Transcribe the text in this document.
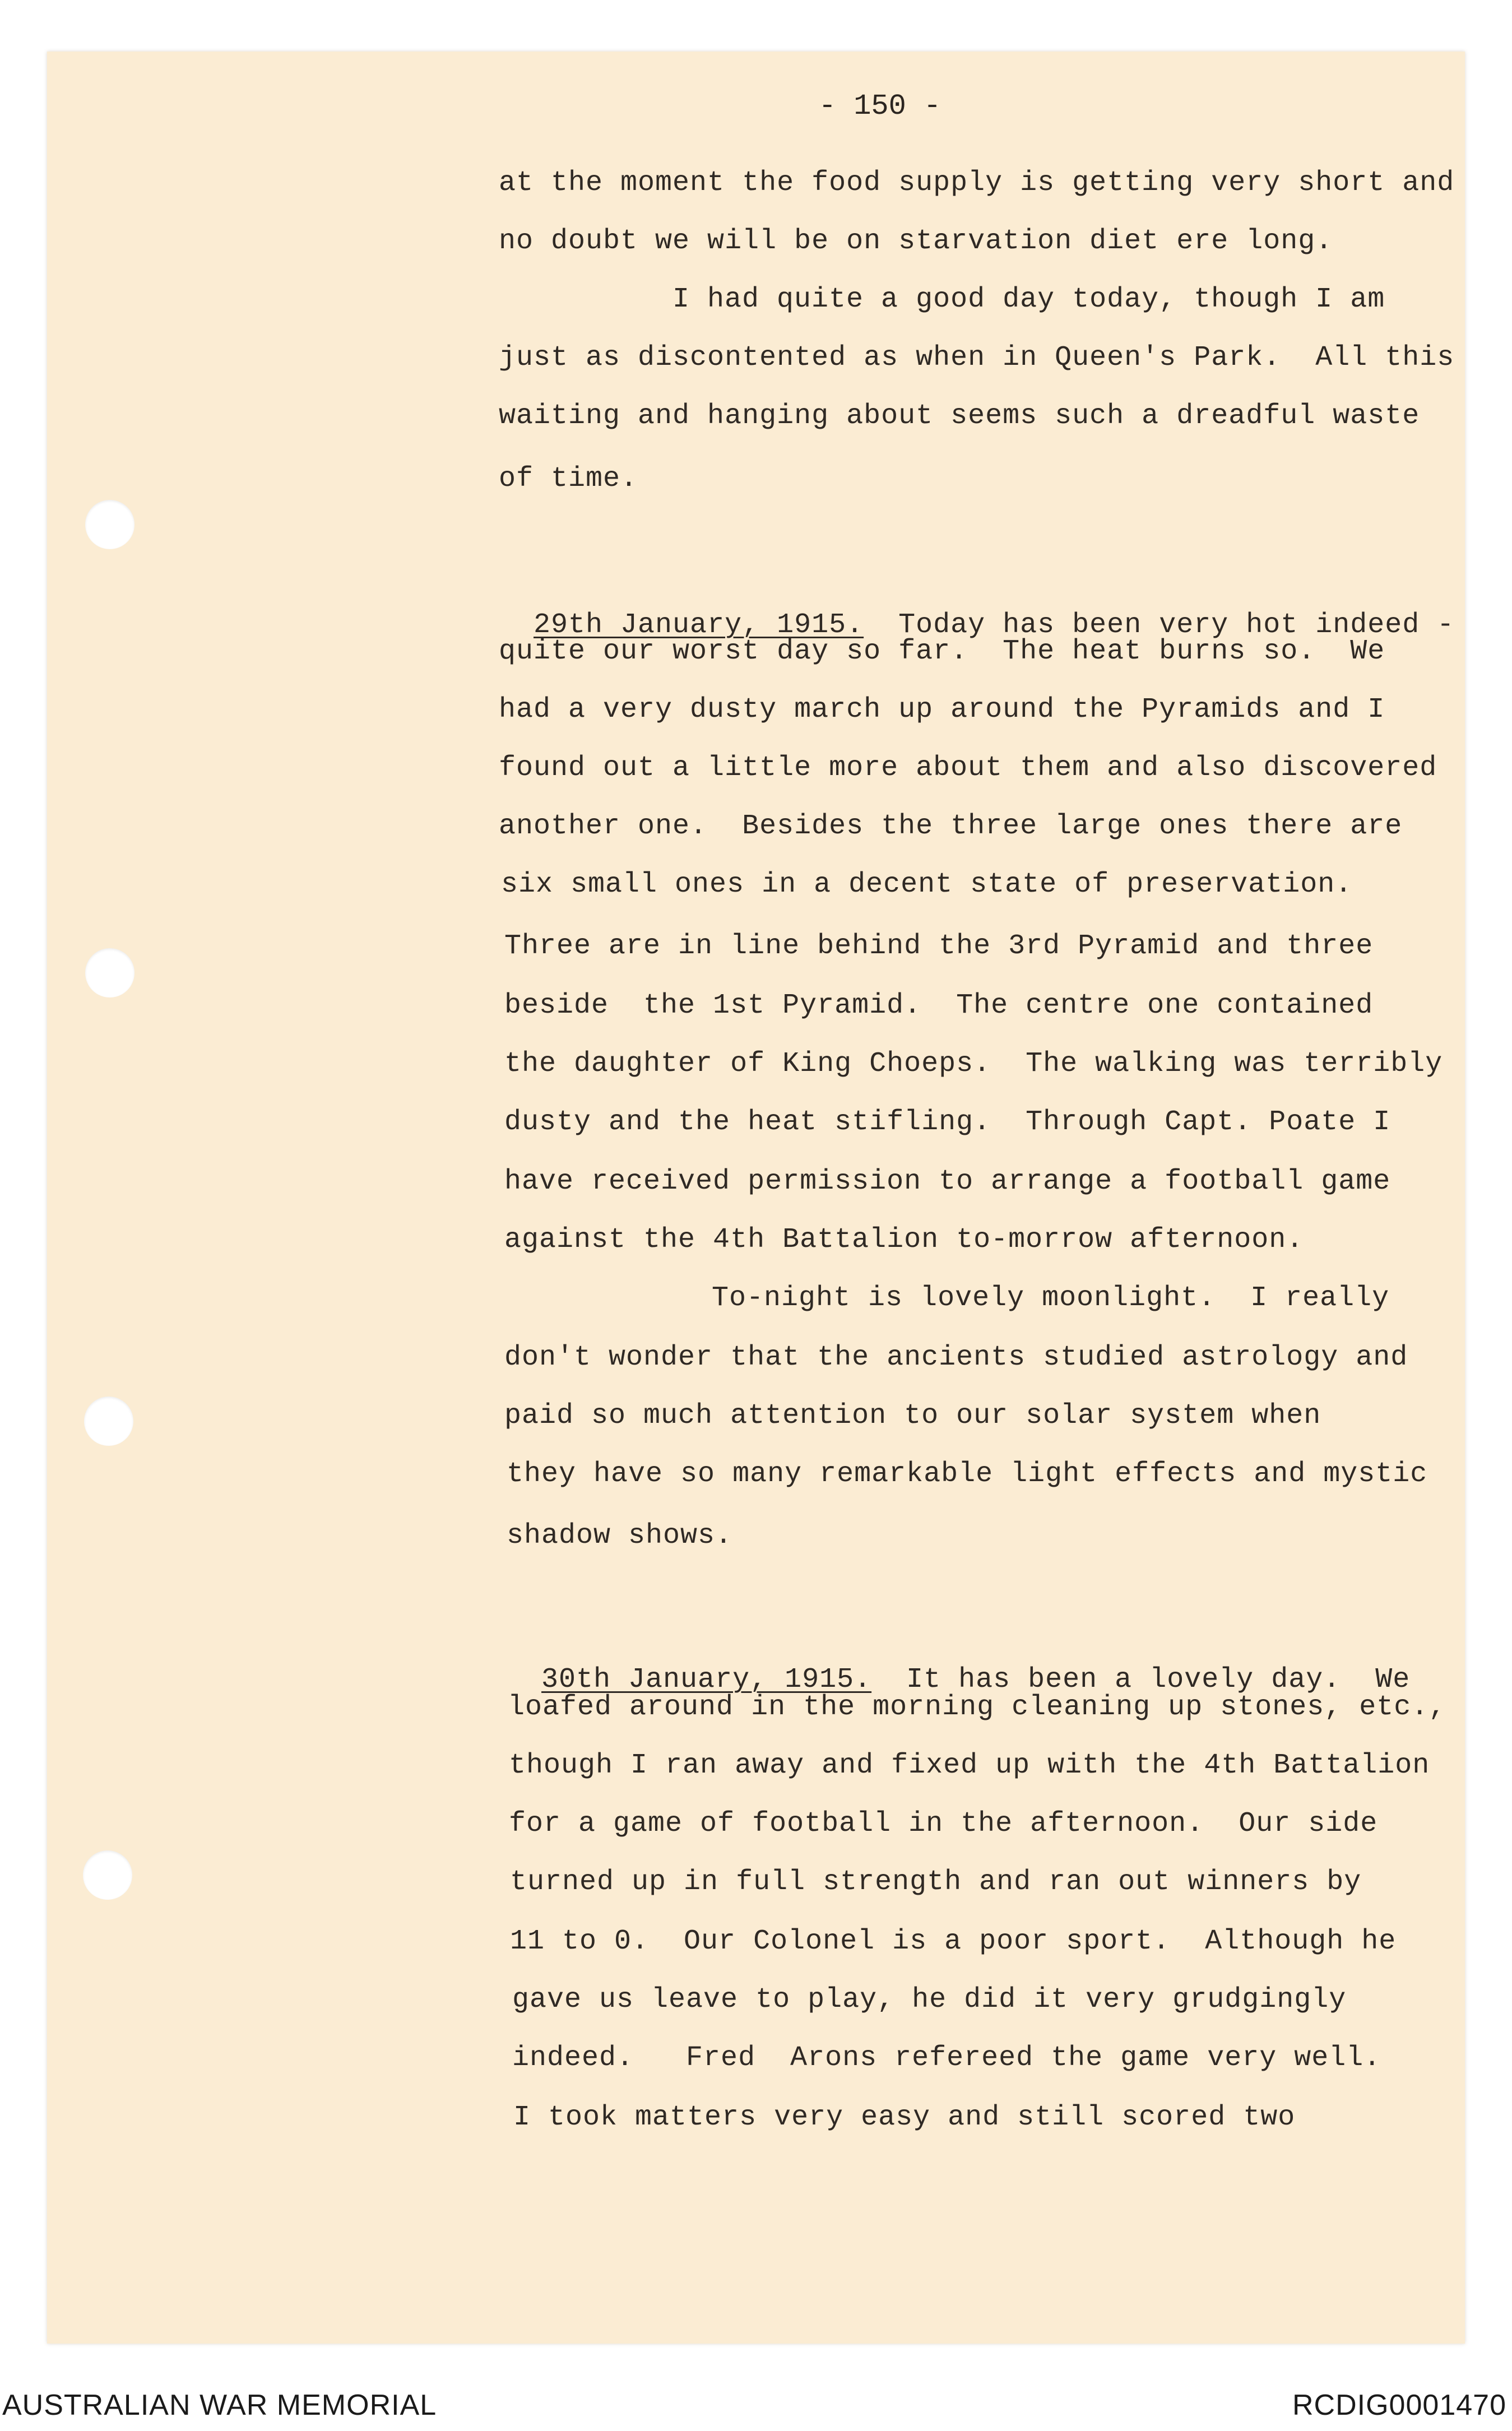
- 150 -
at the moment the food supply is getting very short and
no doubt we will be on starvation diet ere long.
I had quite a good day today, though I am
just as discontented as when in Queen's Park.  All this
waiting and hanging about seems such a dreadful waste
of time.

29th January, 1915. Today has been very hot indeed -

quite our worst day so far.  The heat burns so.  We
had a very dusty march up around the Pyramids and I
found out a little more about them and also discovered
another one.  Besides the three large ones there are
six small ones in a decent state of preservation.
Three are in line behind the 3rd Pyramid and three
beside  the 1st Pyramid.  The centre one contained
the daughter of King Choeps.  The walking was terribly
dusty and the heat stifling.  Through Capt. Poate I
have received permission to arrange a football game
against the 4th Battalion to-morrow afternoon.
To-night is lovely moonlight.  I really
don't wonder that the ancients studied astrology and
paid so much attention to our solar system when
they have so many remarkable light effects and mystic
shadow shows.

30th January, 1915. It has been a lovely day.  We

loafed around in the morning cleaning up stones, etc.,
though I ran away and fixed up with the 4th Battalion
for a game of football in the afternoon.  Our side
turned up in full strength and ran out winners by
11 to 0.  Our Colonel is a poor sport.  Although he
gave us leave to play, he did it very grudgingly
indeed.   Fred  Arons refereed the game very well.
I took matters very easy and still scored two
AUSTRALIAN WAR MEMORIAL	RCDIG0001470
